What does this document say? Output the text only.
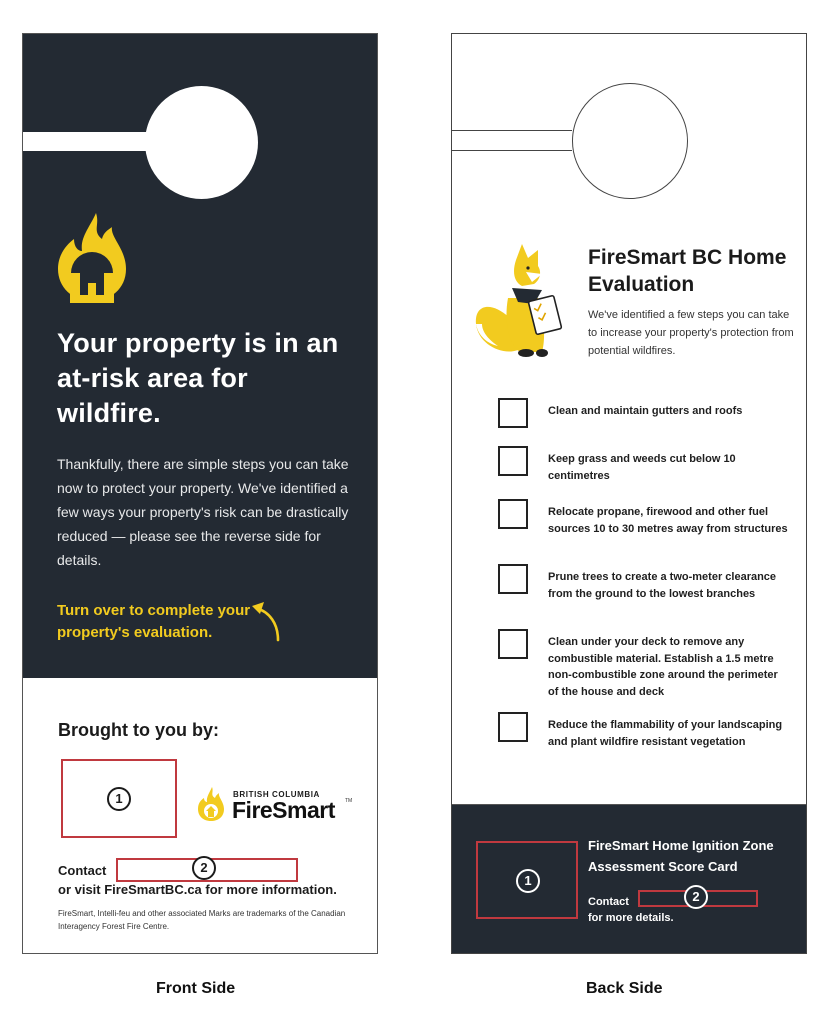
Your property is in an at-risk area for wildfire.

Thankfully, there are simple steps you can take now to protect your property. We've identified a few ways your property's risk can be drastically reduced — please see the reverse side for details.

Turn over to complete your property's evaluation.

Brought to you by:
1	BRITISH COLUMBIA
FireSmart TM
Contact	2
or visit FireSmartBC.ca for more information.

FireSmart, Intelli-feu and other associated Marks are trademarks of the Canadian Interagency Forest Fire Centre.

FireSmart BC Home Evaluation

We've identified a few steps you can take to increase your property's protection from potential wildfires.

Clean and maintain gutters and roofs
Keep grass and weeds cut below 10 centimetres
Relocate propane, firewood and other fuel sources 10 to 30 metres away from structures
Prune trees to create a two-meter clearance from the ground to the lowest branches
Clean under your deck to remove any combustible material. Establish a 1.5 metre non-combustible zone around the perimeter of the house and deck
Reduce the flammability of your landscaping and plant wildfire resistant vegetation
1
FireSmart Home Ignition Zone Assessment Score Card
Contact	2
for more details.
Front Side	Back Side
